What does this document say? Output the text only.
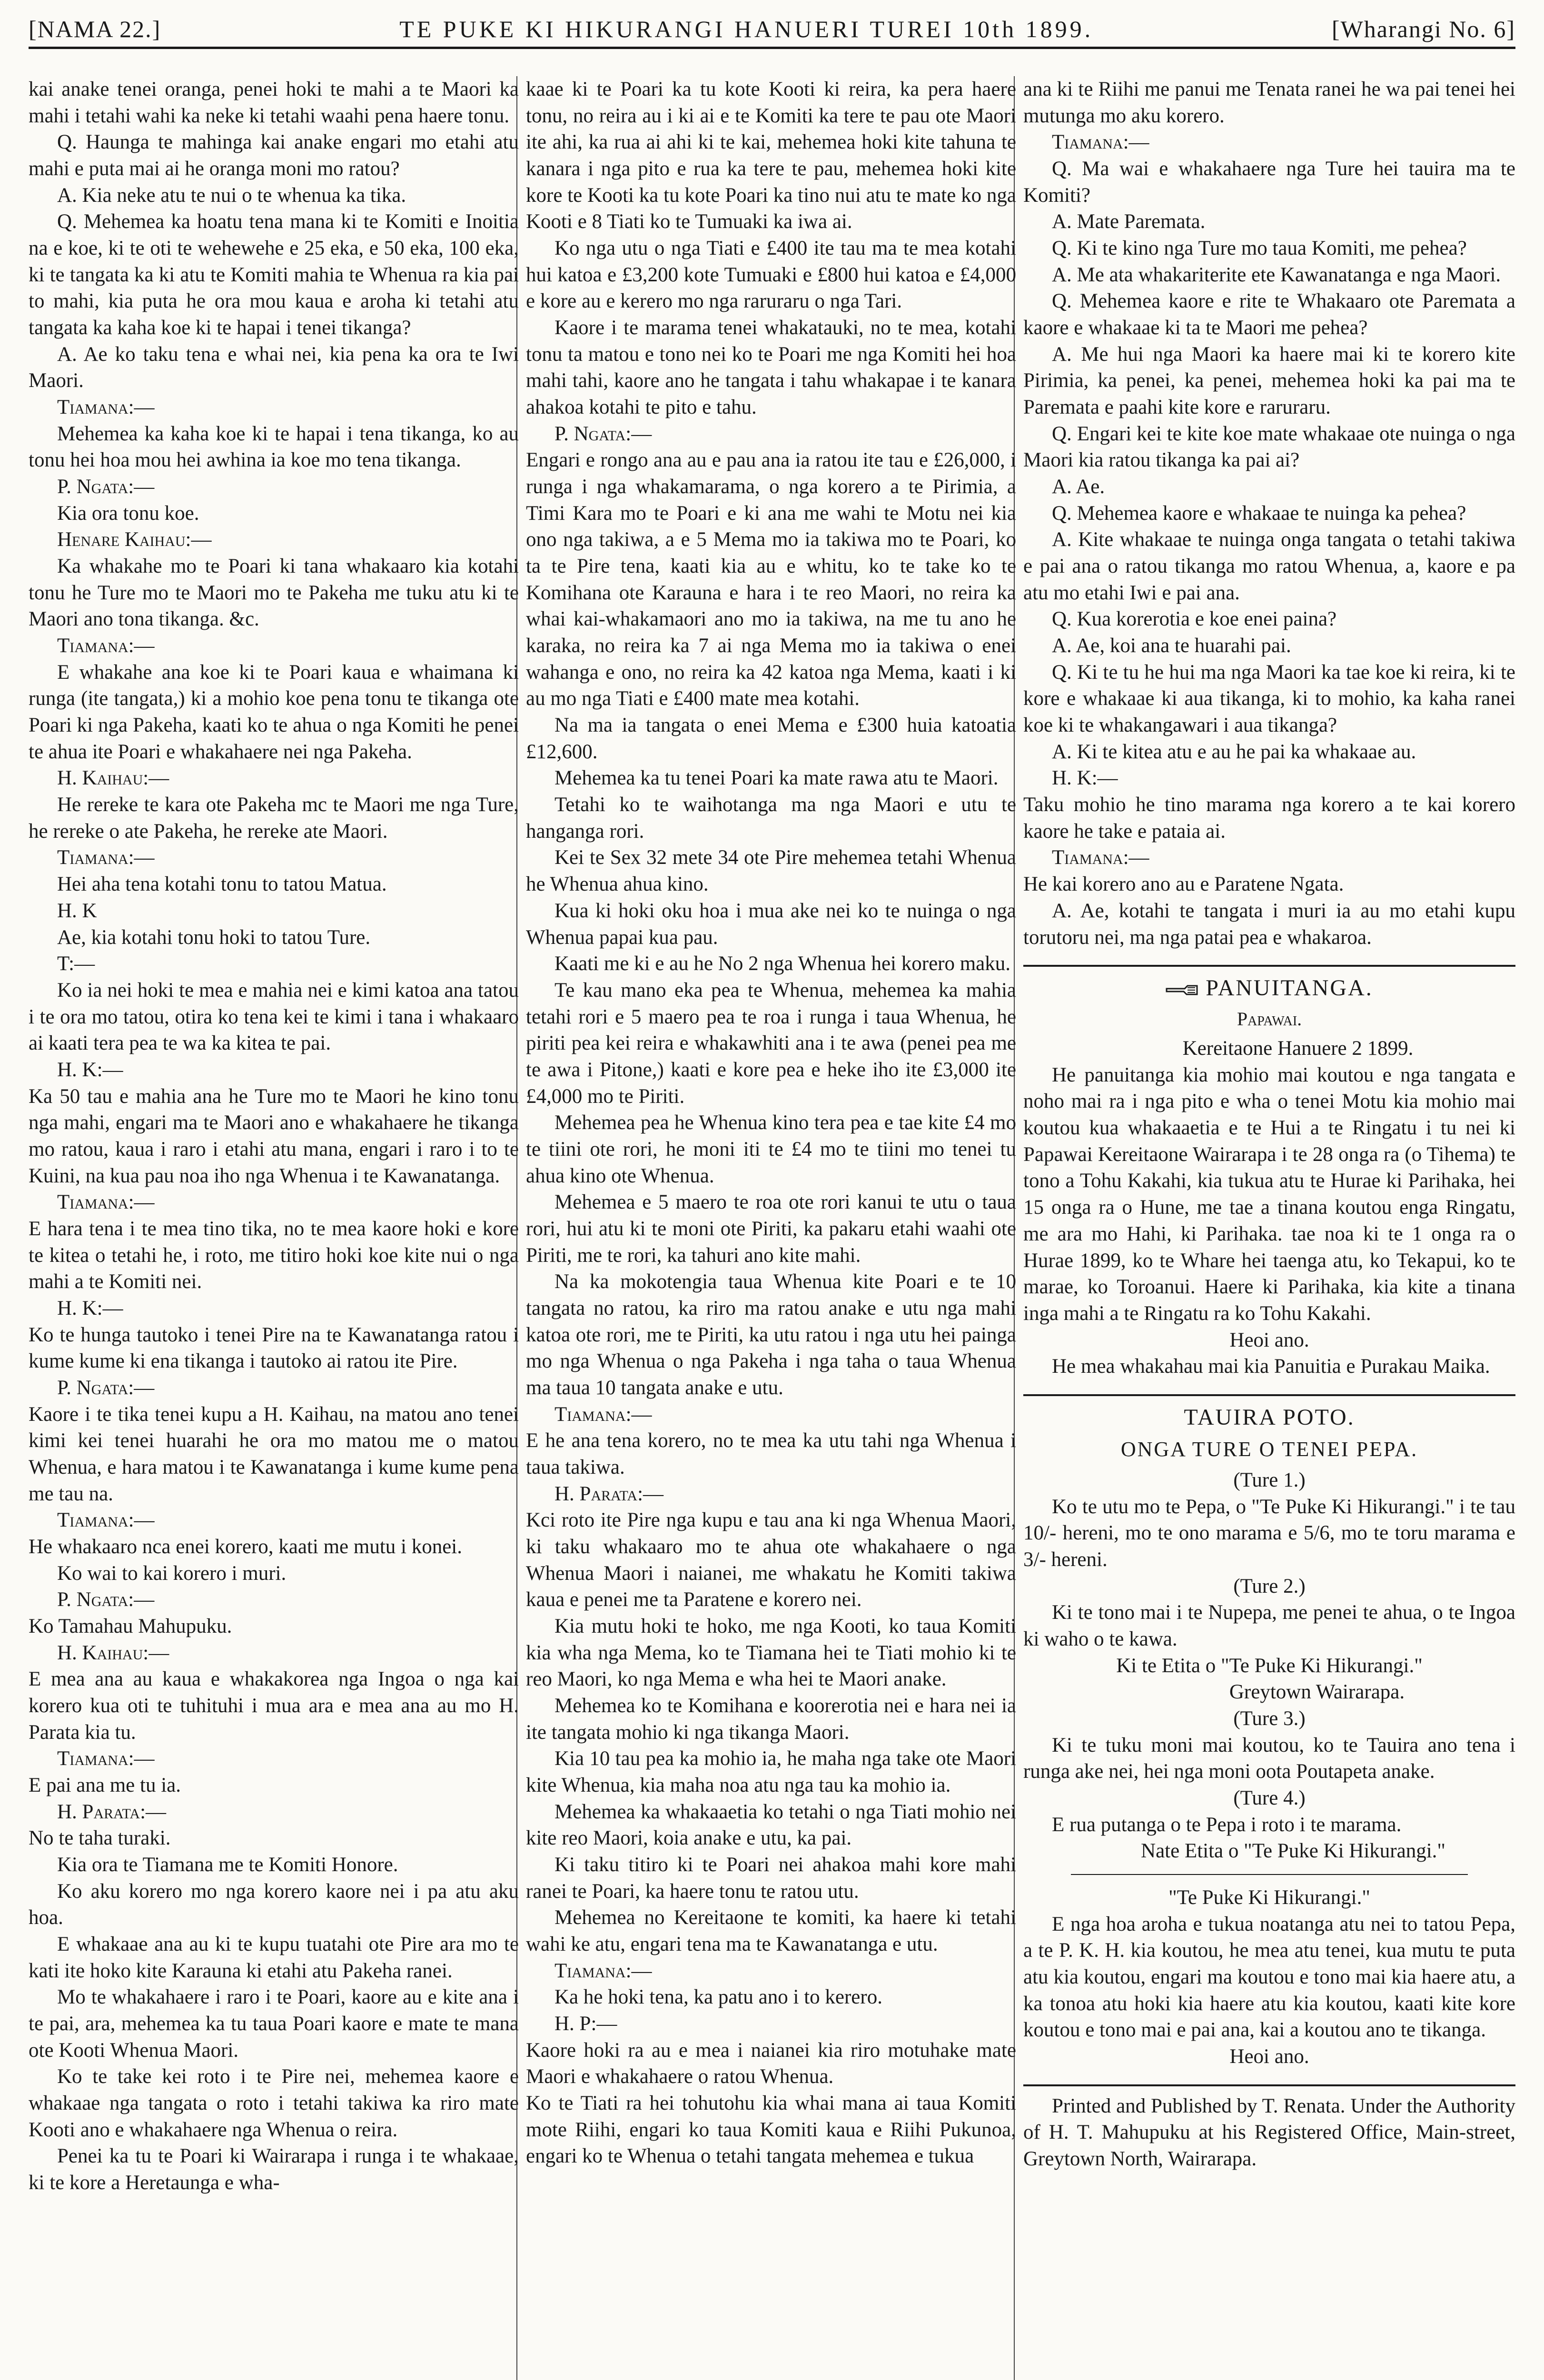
[NAMA 22.]	TE PUKE KI HIKURANGI HANUERI TUREI 10th 1899.	[Wharangi No. 6]

kai anake tenei oranga, penei hoki te mahi a te Maori ka mahi i tetahi wahi ka neke ki tetahi waahi pena haere tonu.

Q. Haunga te mahinga kai anake engari mo etahi atu mahi e puta mai ai he oranga moni mo ratou?

A. Kia neke atu te nui o te whenua ka tika.

Q. Mehemea ka hoatu tena mana ki te Komiti e Inoitia na e koe, ki te oti te wehewehe e 25 eka, e 50 eka, 100 eka, ki te tangata ka ki atu te Komiti mahia te Whenua ra kia pai to mahi, kia puta he ora mou kaua e aroha ki tetahi atu tangata ka kaha koe ki te hapai i tenei tikanga?

A. Ae ko taku tena e whai nei, kia pena ka ora te Iwi Maori.

Tiamana:—

Mehemea ka kaha koe ki te hapai i tena tikanga, ko au tonu hei hoa mou hei awhina ia koe mo tena tikanga.

P. Ngata:—

Kia ora tonu koe.

Henare Kaihau:—

Ka whakahe mo te Poari ki tana whakaaro kia kotahi tonu he Ture mo te Maori mo te Pakeha me tuku atu ki te Maori ano tona tikanga. &c.

Tiamana:—

E whakahe ana koe ki te Poari kaua e whaimana ki runga (ite tangata,) ki a mohio koe pena tonu te tikanga ote Poari ki nga Pakeha, kaati ko te ahua o nga Komiti he penei te ahua ite Poari e whakahaere nei nga Pakeha.

H. Kaihau:—

He rereke te kara ote Pakeha mc te Maori me nga Ture, he rereke o ate Pakeha, he rereke ate Maori.

Tiamana:—

Hei aha tena kotahi tonu to tatou Matua.

H. K

Ae, kia kotahi tonu hoki to tatou Ture.

T:—

Ko ia nei hoki te mea e mahia nei e kimi katoa ana tatou i te ora mo tatou, otira ko tena kei te kimi i tana i whakaaro ai kaati tera pea te wa ka kitea te pai.

H. K:—

Ka 50 tau e mahia ana he Ture mo te Maori he kino tonu nga mahi, engari ma te Maori ano e whakahaere he tikanga mo ratou, kaua i raro i etahi atu mana, engari i raro i to te Kuini, na kua pau noa iho nga Whenua i te Kawanatanga.

Tiamana:—

E hara tena i te mea tino tika, no te mea kaore hoki e kore te kitea o tetahi he, i roto, me titiro hoki koe kite nui o nga mahi a te Komiti nei.

H. K:—

Ko te hunga tautoko i tenei Pire na te Kawanatanga ratou i kume kume ki ena tikanga i tautoko ai ratou ite Pire.

P. Ngata:—

Kaore i te tika tenei kupu a H. Kaihau, na matou ano tenei kimi kei tenei huarahi he ora mo matou me o matou Whenua, e hara matou i te Kawanatanga i kume kume pena me tau na.

Tiamana:—

He whakaaro nca enei korero, kaati me mutu i konei.

Ko wai to kai korero i muri.

P. Ngata:—

Ko Tamahau Mahupuku.

H. Kaihau:—

E mea ana au kaua e whakakorea nga Ingoa o nga kai korero kua oti te tuhituhi i mua ara e mea ana au mo H. Parata kia tu.

Tiamana:—

E pai ana me tu ia.

H. Parata:—

No te taha turaki.

Kia ora te Tiamana me te Komiti Honore.

Ko aku korero mo nga korero kaore nei i pa atu aku hoa.

E whakaae ana au ki te kupu tuatahi ote Pire ara mo te kati ite hoko kite Karauna ki etahi atu Pakeha ranei.

Mo te whakahaere i raro i te Poari, kaore au e kite ana i te pai, ara, mehemea ka tu taua Poari kaore e mate te mana ote Kooti Whenua Maori.

Ko te take kei roto i te Pire nei, mehemea kaore e whakaae nga tangata o roto i tetahi takiwa ka riro mate Kooti ano e whakahaere nga Whenua o reira.

Penei ka tu te Poari ki Wairarapa i runga i te whakaae, ki te kore a Heretaunga e wha-

kaae ki te Poari ka tu kote Kooti ki reira, ka pera haere tonu, no reira au i ki ai e te Komiti ka tere te pau ote Maori ite ahi, ka rua ai ahi ki te kai, mehemea hoki kite tahuna te kanara i nga pito e rua ka tere te pau, mehemea hoki kite kore te Kooti ka tu kote Poari ka tino nui atu te mate ko nga Kooti e 8 Tiati ko te Tumuaki ka iwa ai.

Ko nga utu o nga Tiati e £400 ite tau ma te mea kotahi hui katoa e £3,200 kote Tumuaki e £800 hui katoa e £4,000 e kore au e kerero mo nga raruraru o nga Tari.

Kaore i te marama tenei whakatauki, no te mea, kotahi tonu ta matou e tono nei ko te Poari me nga Komiti hei hoa mahi tahi, kaore ano he tangata i tahu whakapae i te kanara ahakoa kotahi te pito e tahu.

P. Ngata:—

Engari e rongo ana au e pau ana ia ratou ite tau e £26,000, i runga i nga whakamarama, o nga korero a te Pirimia, a Timi Kara mo te Poari e ki ana me wahi te Motu nei kia ono nga takiwa, a e 5 Mema mo ia takiwa mo te Poari, ko ta te Pire tena, kaati kia au e whitu, ko te take ko te Komihana ote Karauna e hara i te reo Maori, no reira ka whai kai-whakamaori ano mo ia takiwa, na me tu ano he karaka, no reira ka 7 ai nga Mema mo ia takiwa o enei wahanga e ono, no reira ka 42 katoa nga Mema, kaati i ki au mo nga Tiati e £400 mate mea kotahi.

Na ma ia tangata o enei Mema e £300 huia katoatia £12,600.

Mehemea ka tu tenei Poari ka mate rawa atu te Maori.

Tetahi ko te waihotanga ma nga Maori e utu te hanganga rori.

Kei te Sex 32 mete 34 ote Pire mehemea tetahi Whenua he Whenua ahua kino.

Kua ki hoki oku hoa i mua ake nei ko te nuinga o nga Whenua papai kua pau.

Kaati me ki e au he No 2 nga Whenua hei korero maku.

Te kau mano eka pea te Whenua, mehemea ka mahia tetahi rori e 5 maero pea te roa i runga i taua Whenua, he piriti pea kei reira e whakawhiti ana i te awa (penei pea me te awa i Pitone,) kaati e kore pea e heke iho ite £3,000 ite £4,000 mo te Piriti.

Mehemea pea he Whenua kino tera pea e tae kite £4 mo te tiini ote rori, he moni iti te £4 mo te tiini mo tenei tu ahua kino ote Whenua.

Mehemea e 5 maero te roa ote rori kanui te utu o taua rori, hui atu ki te moni ote Piriti, ka pakaru etahi waahi ote Piriti, me te rori, ka tahuri ano kite mahi.

Na ka mokotengia taua Whenua kite Poari e te 10 tangata no ratou, ka riro ma ratou anake e utu nga mahi katoa ote rori, me te Piriti, ka utu ratou i nga utu hei painga mo nga Whenua o nga Pakeha i nga taha o taua Whenua ma taua 10 tangata anake e utu.

Tiamana:—

E he ana tena korero, no te mea ka utu tahi nga Whenua i taua takiwa.

H. Parata:—

Kci roto ite Pire nga kupu e tau ana ki nga Whenua Maori, ki taku whakaaro mo te ahua ote whakahaere o nga Whenua Maori i naianei, me whakatu he Komiti takiwa kaua e penei me ta Paratene e korero nei.

Kia mutu hoki te hoko, me nga Kooti, ko taua Komiti kia wha nga Mema, ko te Tiamana hei te Tiati mohio ki te reo Maori, ko nga Mema e wha hei te Maori anake.

Mehemea ko te Komihana e koorerotia nei e hara nei ia ite tangata mohio ki nga tikanga Maori.

Kia 10 tau pea ka mohio ia, he maha nga take ote Maori kite Whenua, kia maha noa atu nga tau ka mohio ia.

Mehemea ka whakaaetia ko tetahi o nga Tiati mohio nei kite reo Maori, koia anake e utu, ka pai.

Ki taku titiro ki te Poari nei ahakoa mahi kore mahi ranei te Poari, ka haere tonu te ratou utu.

Mehemea no Kereitaone te komiti, ka haere ki tetahi wahi ke atu, engari tena ma te Kawanatanga e utu.

Tiamana:—

Ka he hoki tena, ka patu ano i to kerero.

H. P:—

Kaore hoki ra au e mea i naianei kia riro motuhake mate Maori e whakahaere o ratou Whenua.

Ko te Tiati ra hei tohutohu kia whai mana ai taua Komiti mote Riihi, engari ko taua Komiti kaua e Riihi Pukunoa, engari ko te Whenua o tetahi tangata mehemea e tukua

ana ki te Riihi me panui me Tenata ranei he wa pai tenei hei mutunga mo aku korero.

Tiamana:—

Q. Ma wai e whakahaere nga Ture hei tauira ma te Komiti?

A. Mate Paremata.

Q. Ki te kino nga Ture mo taua Komiti, me pehea?

A. Me ata whakariterite ete Kawanatanga e nga Maori.

Q. Mehemea kaore e rite te Whakaaro ote Paremata a kaore e whakaae ki ta te Maori me pehea?

A. Me hui nga Maori ka haere mai ki te korero kite Pirimia, ka penei, ka penei, mehemea hoki ka pai ma te Paremata e paahi kite kore e raruraru.

Q. Engari kei te kite koe mate whakaae ote nuinga o nga Maori kia ratou tikanga ka pai ai?

A. Ae.

Q. Mehemea kaore e whakaae te nuinga ka pehea?

A. Kite whakaae te nuinga onga tangata o tetahi takiwa e pai ana o ratou tikanga mo ratou Whenua, a, kaore e pa atu mo etahi Iwi e pai ana.

Q. Kua korerotia e koe enei paina?

A. Ae, koi ana te huarahi pai.

Q. Ki te tu he hui ma nga Maori ka tae koe ki reira, ki te kore e whakaae ki aua tikanga, ki to mohio, ka kaha ranei koe ki te whakangawari i aua tikanga?

A. Ki te kitea atu e au he pai ka whakaae au.

H. K:—

Taku mohio he tino marama nga korero a te kai korero kaore he take e pataia ai.

Tiamana:—

He kai korero ano au e Paratene Ngata.

A. Ae, kotahi te tangata i muri ia au mo etahi kupu torutoru nei, ma nga patai pea e whakaroa.

PANUITANGA.
Papawai.

Kereitaone Hanuere 2 1899.

He panuitanga kia mohio mai koutou e nga tangata e noho mai ra i nga pito e wha o tenei Motu kia mohio mai koutou kua whakaaetia e te Hui a te Ringatu i tu nei ki Papawai Kereitaone Wairarapa i te 28 onga ra (o Tihema) te tono a Tohu Kakahi, kia tukua atu te Hurae ki Parihaka, hei 15 onga ra o Hune, me tae a tinana koutou enga Ringatu, me ara mo Hahi, ki Parihaka. tae noa ki te 1 onga ra o Hurae 1899, ko te Whare hei taenga atu, ko Tekapui, ko te marae, ko Toroanui. Haere ki Parihaka, kia kite a tinana inga mahi a te Ringatu ra ko Tohu Kakahi.

Heoi ano.

He mea whakahau mai kia Panuitia e Purakau Maika.

TAUIRA POTO.
ONGA TURE O TENEI PEPA.

(Ture 1.)

Ko te utu mo te Pepa, o "Te Puke Ki Hikurangi." i te tau 10/- hereni, mo te ono marama e 5/6, mo te toru marama e 3/- hereni.

(Ture 2.)

Ki te tono mai i te Nupepa, me penei te ahua, o te Ingoa ki waho o te kawa.

Ki te Etita o "Te Puke Ki Hikurangi."

Greytown Wairarapa.

(Ture 3.)

Ki te tuku moni mai koutou, ko te Tauira ano tena i runga ake nei, hei nga moni oota Poutapeta anake.

(Ture 4.)

E rua putanga o te Pepa i roto i te marama.

Nate Etita o "Te Puke Ki Hikurangi."

"Te Puke Ki Hikurangi."

E nga hoa aroha e tukua noatanga atu nei to tatou Pepa, a te P. K. H. kia koutou, he mea atu tenei, kua mutu te puta atu kia koutou, engari ma koutou e tono mai kia haere atu, a ka tonoa atu hoki kia haere atu kia koutou, kaati kite kore koutou e tono mai e pai ana, kai a koutou ano te tikanga.

Heoi ano.

Printed and Published by T. Renata. Under the Authority of H. T. Mahupuku at his Registered Office, Main-street, Greytown North, Wairarapa.
